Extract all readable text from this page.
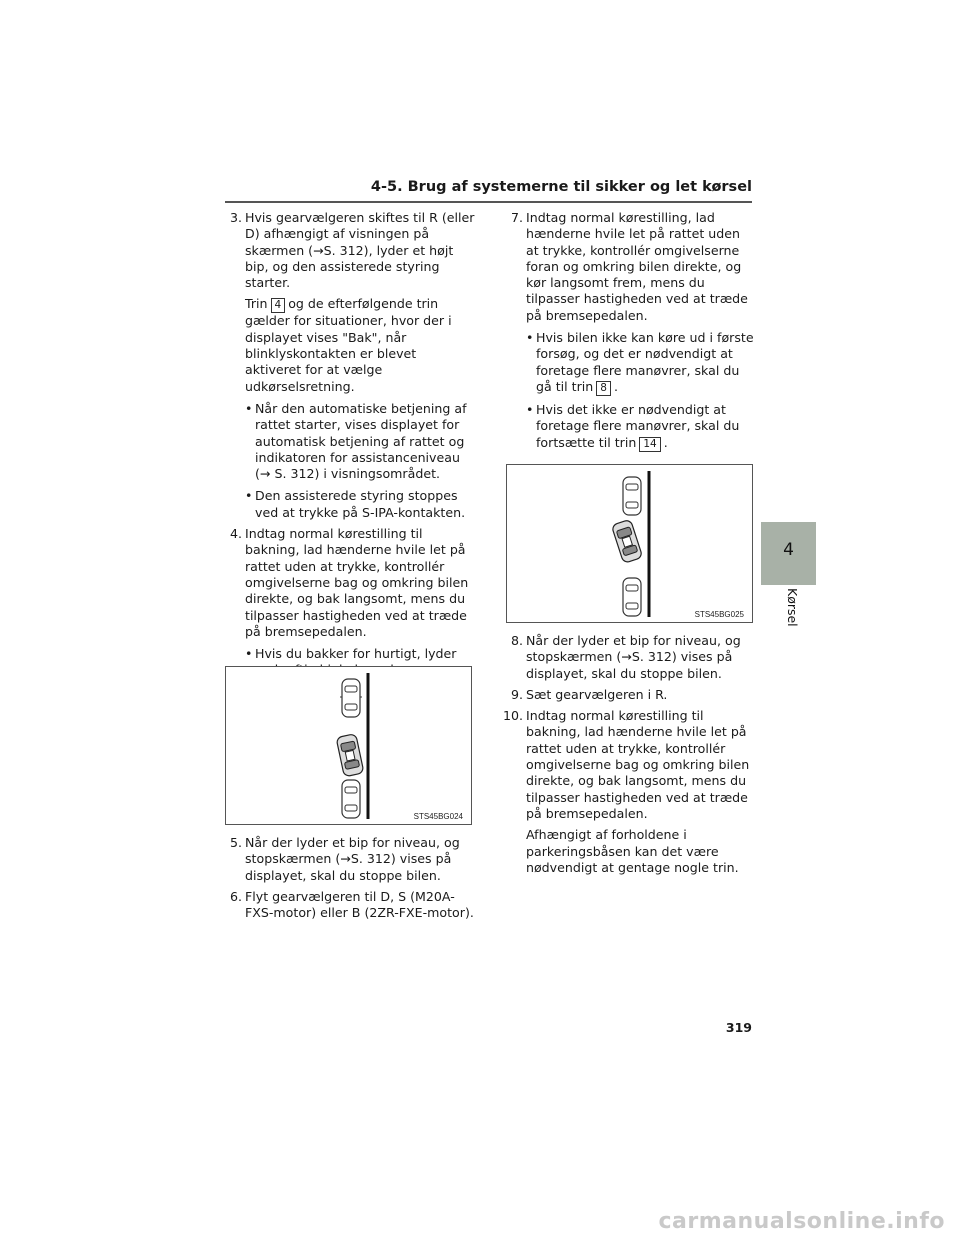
4-5. Brug af systemerne til sikker og let kørsel
3. Hvis gearvælgeren skiftes til R (eller D) afhængigt af visningen på skærmen (→S. 312), lyder et højt bip, og den assisterede styring starter.
Trin 4 og de efterfølgende trin gælder for situationer, hvor der i displayet vises "Bak", når blinklyskontakten er blevet aktiveret for at vælge udkørselsretning.
• Når den automatiske betjening af rattet starter, vises displayet for automatisk betjening af rattet og indikatoren for assistanceniveau (→ S. 312) i visningsområdet.
• Den assisterede styring stoppes ved at trykke på S-IPA-kontakten.
4. Indtag normal kørestilling til bakning, lad hænderne hvile let på rattet uden at trykke, kontrollér omgivelserne bag og omkring bilen direkte, og bak langsomt, mens du tilpasser hastigheden ved at træde på bremsepedalen.
• Hvis du bakker for hurtigt, lyder
STS45BG024
5. Når der lyder et bip for niveau, og stopskærmen (→S. 312) vises på displayet, skal du stoppe bilen.
6. Flyt gearvælgeren til D, S (M20A-FXS-motor) eller B (2ZR-FXE-motor).
7. Indtag normal kørestilling, lad hænderne hvile let på rattet uden at trykke, kontrollér omgivelserne foran og omkring bilen direkte, og kør langsomt frem, mens du tilpasser hastigheden ved at træde på bremsepedalen.
• Hvis bilen ikke kan køre ud i første forsøg, og det er nødvendigt at foretage flere manøvrer, skal du gå til trin 8 .
• Hvis det ikke er nødvendigt at foretage flere manøvrer, skal du fortsætte til trin 14 .
STS45BG025
8. Når der lyder et bip for niveau, og stopskærmen (→S. 312) vises på displayet, skal du stoppe bilen.
9. Sæt gearvælgeren i R.
10. Indtag normal kørestilling til bakning, lad hænderne hvile let på rattet uden at trykke, kontrollér omgivelserne bag og omkring bilen direkte, og bak langsomt, mens du tilpasser hastigheden ved at træde på bremsepedalen.
Afhængigt af forholdene i parkeringsbåsen kan det være nødvendigt at gentage nogle trin.
4
Kørsel
319
carmanualsonline.info
